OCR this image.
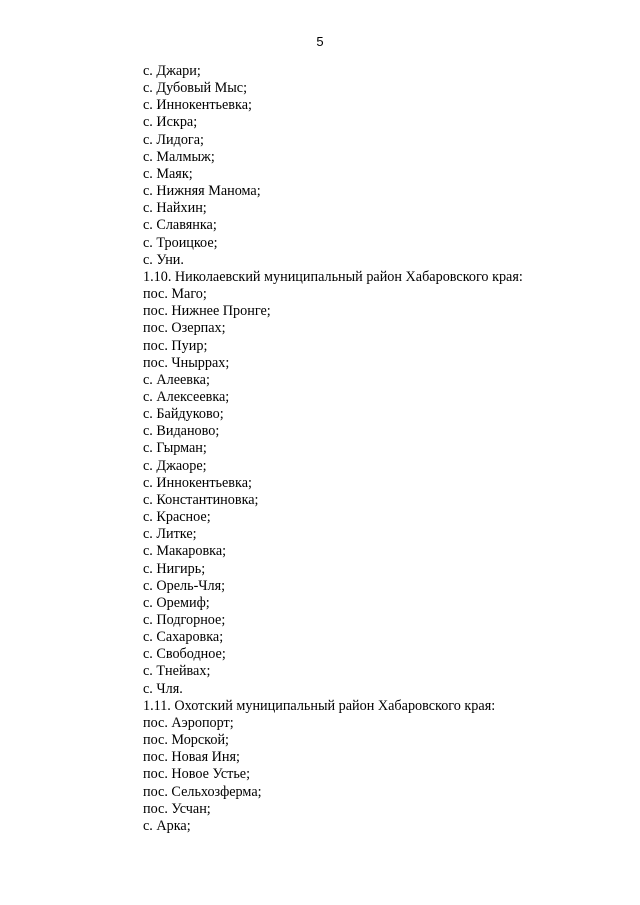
5
с. Джари;
с. Дубовый Мыс;
с. Иннокентьевка;
с. Искра;
с. Лидога;
с. Малмыж;
с. Маяк;
с. Нижняя Манома;
с. Найхин;
с. Славянка;
с. Троицкое;
с. Уни.
1.10. Николаевский муниципальный район Хабаровского края:
пос. Маго;
пос. Нижнее Пронге;
пос. Озерпах;
пос. Пуир;
пос. Чныррах;
с. Алеевка;
с. Алексеевка;
с. Байдуково;
с. Виданово;
с. Гырман;
с. Джаоре;
с. Иннокентьевка;
с. Константиновка;
с. Красное;
с. Литке;
с. Макаровка;
с. Нигирь;
с. Орель-Чля;
с. Оремиф;
с. Подгорное;
с. Сахаровка;
с. Свободное;
с. Тнейвах;
с. Чля.
1.11. Охотский муниципальный район Хабаровского края:
пос. Аэропорт;
пос. Морской;
пос. Новая Иня;
пос. Новое Устье;
пос. Сельхозферма;
пос. Усчан;
с. Арка;
